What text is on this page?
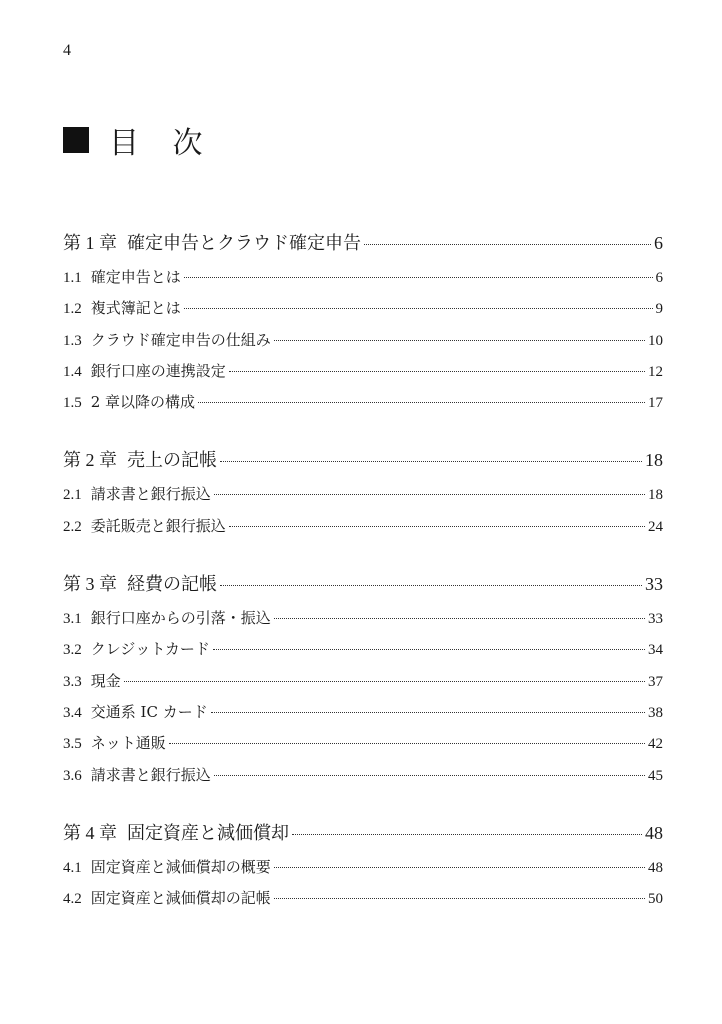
4
目 次
第 1 章 確定申告とクラウド確定申告	6
1.1 確定申告とは	6
1.2 複式簿記とは	9
1.3 クラウド確定申告の仕組み	10
1.4 銀行口座の連携設定	12
1.5 2 章以降の構成	17
第 2 章 売上の記帳	18
2.1 請求書と銀行振込	18
2.2 委託販売と銀行振込	24
第 3 章 経費の記帳	33
3.1 銀行口座からの引落・振込	33
3.2 クレジットカード	34
3.3 現金	37
3.4 交通系 IC カード	38
3.5 ネット通販	42
3.6 請求書と銀行振込	45
第 4 章 固定資産と減価償却	48
4.1 固定資産と減価償却の概要	48
4.2 固定資産と減価償却の記帳	50
